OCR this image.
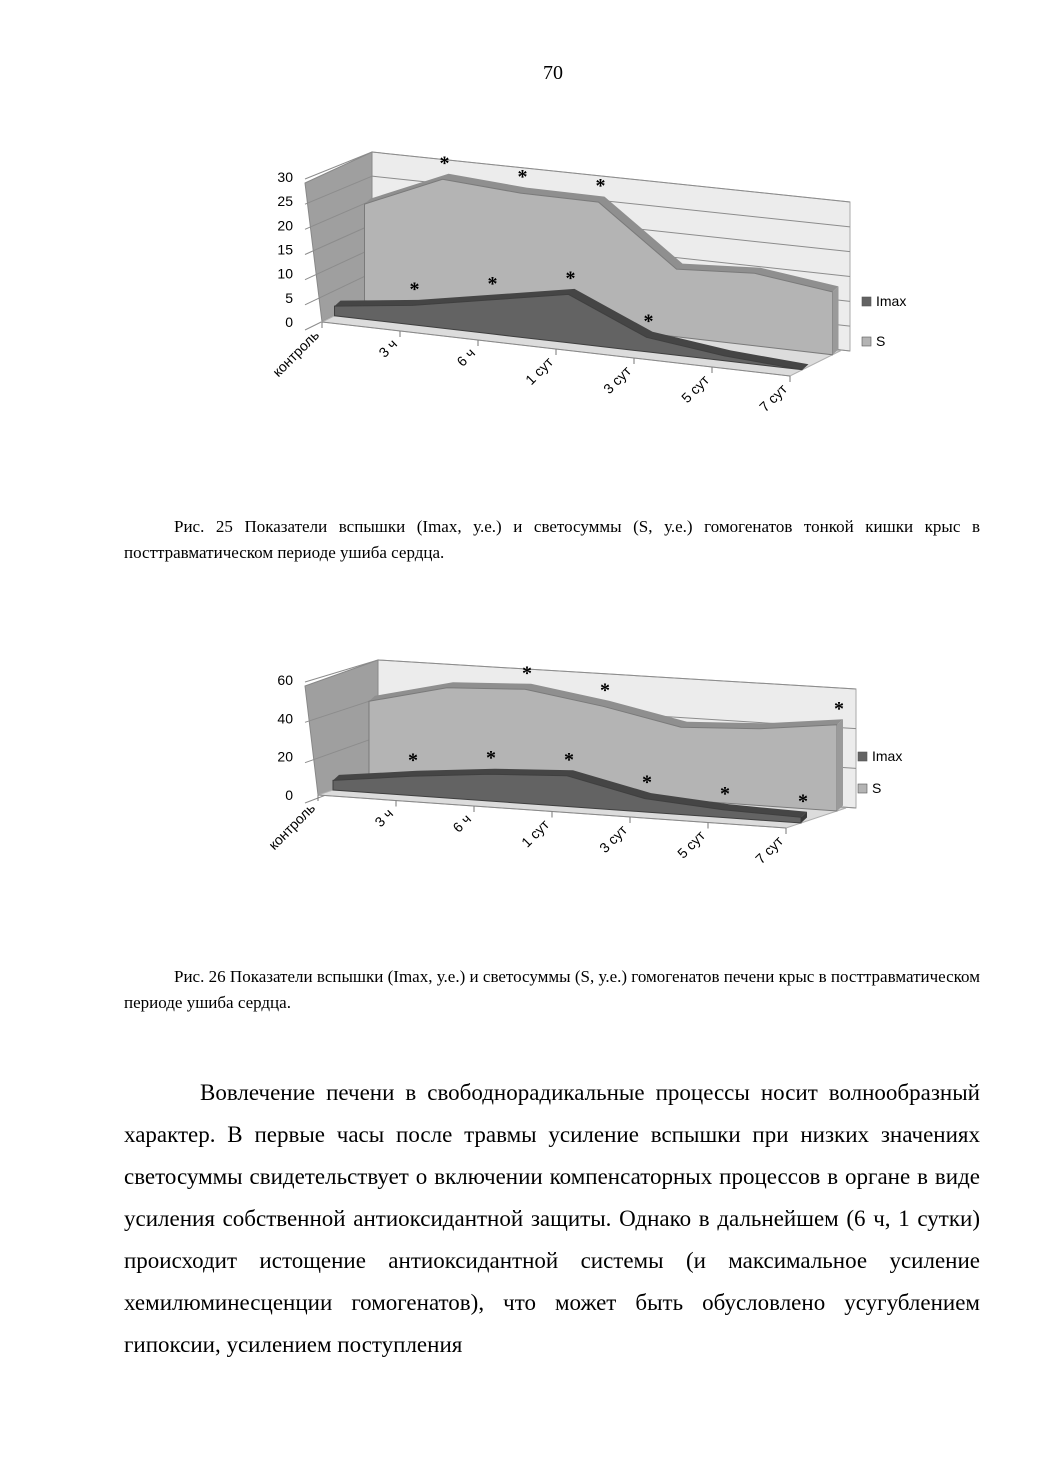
70
*
*	*
*	*	*
*
0
5
10
15
20
25
30
контроль	3 ч	6 ч	1 сут	3 сут	5 сут	7 сут
Imax
S
Рис. 25 Показатели вспышки (Imax, у.е.) и светосуммы (S, у.е.) гомогенатов тонкой кишки крыс в посттравматическом периоде ушиба сердца.
*
*
*
*	*	*
*
*	*
0
20
40
60
контроль	3 ч	6 ч	1 сут	3 сут	5 сут	7 сут
Imax
S
Рис. 26 Показатели вспышки (Imax, у.е.) и светосуммы (S, у.е.) гомогенатов печени крыс в посттравматическом периоде ушиба сердца.
Вовлечение печени в свободнорадикальные процессы носит волнообразный характер. В первые часы после травмы усиление вспышки при низких значениях светосуммы свидетельствует о включении компенсаторных процессов в органе в виде усиления собственной антиоксидантной защиты. Однако в дальнейшем (6 ч, 1 сутки) происходит истощение антиоксидантной системы (и максимальное усиление хемилюминесценции гомогенатов), что может быть обусловлено усугублением гипоксии, усилением поступления
